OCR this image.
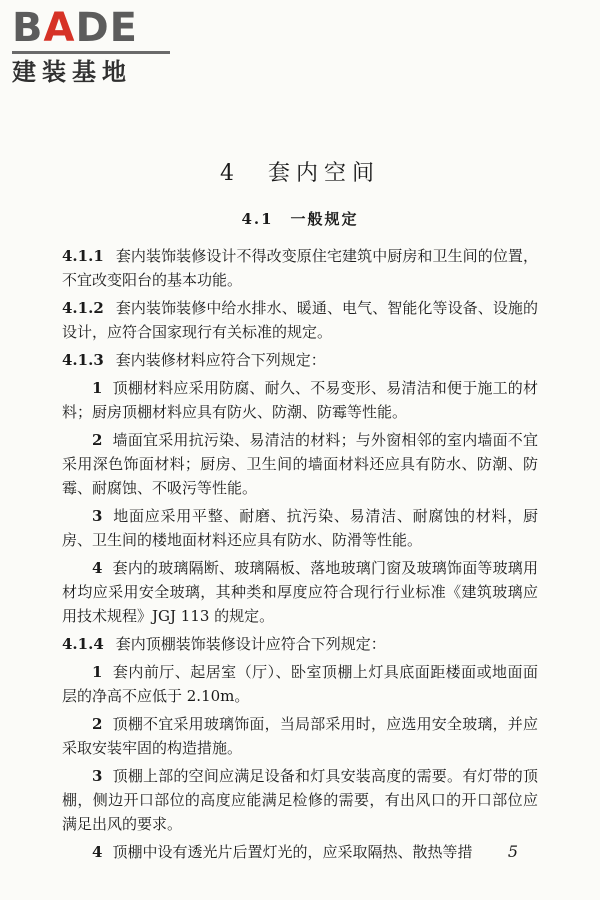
BADE
建装基地
4　套内空间
4.1　一般规定

4.1.1 套内装饰装修设计不得改变原住宅建筑中厨房和卫生间的位置，不宜改变阳台的基本功能。

4.1.2 套内装饰装修中给水排水、暖通、电气、智能化等设备、设施的设计，应符合国家现行有关标准的规定。

4.1.3 套内装修材料应符合下列规定：

1 顶棚材料应采用防腐、耐久、不易变形、易清洁和便于施工的材料；厨房顶棚材料应具有防火、防潮、防霉等性能。

2 墙面宜采用抗污染、易清洁的材料；与外窗相邻的室内墙面不宜采用深色饰面材料；厨房、卫生间的墙面材料还应具有防水、防潮、防霉、耐腐蚀、不吸污等性能。

3 地面应采用平整、耐磨、抗污染、易清洁、耐腐蚀的材料，厨房、卫生间的楼地面材料还应具有防水、防滑等性能。

4 套内的玻璃隔断、玻璃隔板、落地玻璃门窗及玻璃饰面等玻璃用材均应采用安全玻璃，其种类和厚度应符合现行行业标准《建筑玻璃应用技术规程》JGJ 113 的规定。

4.1.4 套内顶棚装饰装修设计应符合下列规定：

1 套内前厅、起居室（厅）、卧室顶棚上灯具底面距楼面或地面面层的净高不应低于 2.10m。

2 顶棚不宜采用玻璃饰面，当局部采用时，应选用安全玻璃，并应采取安装牢固的构造措施。

3 顶棚上部的空间应满足设备和灯具安装高度的需要。有灯带的顶棚，侧边开口部位的高度应能满足检修的需要，有出风口的开口部位应满足出风的要求。

4 顶棚中设有透光片后置灯光的，应采取隔热、散热等措	5
